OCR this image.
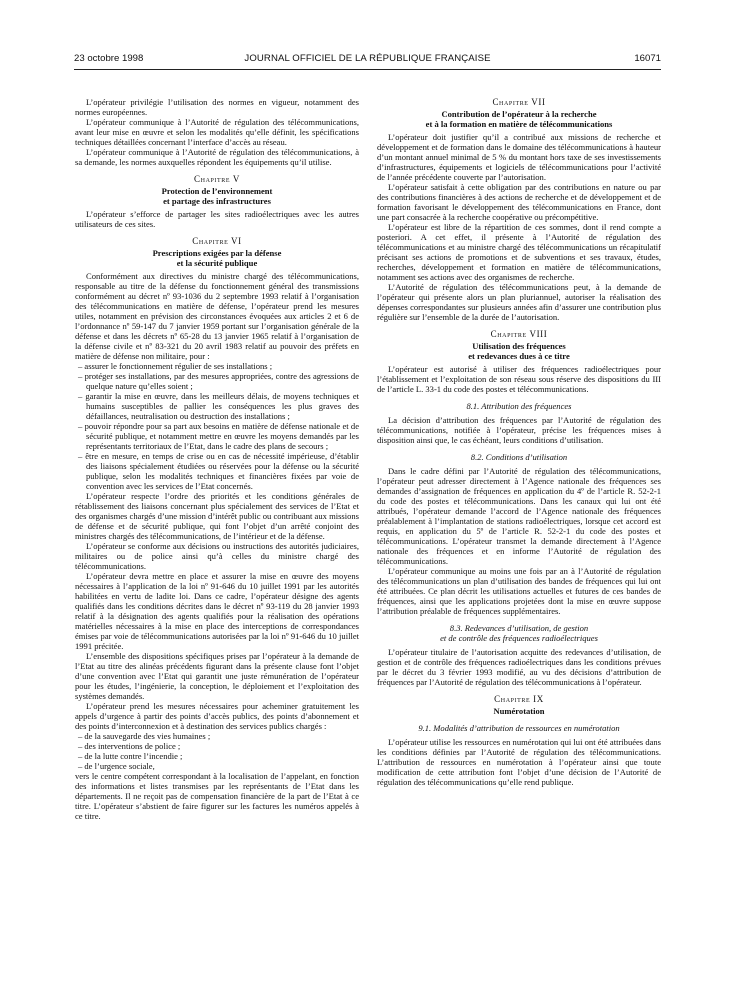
23 octobre 1998	JOURNAL OFFICIEL DE LA RÉPUBLIQUE FRANÇAISE	16071

L’opérateur privilégie l’utilisation des normes en vigueur, notamment des normes européennes.

L’opérateur communique à l’Autorité de régulation des télécommunications, avant leur mise en œuvre et selon les modalités qu’elle définit, les spécifications techniques détaillées concernant l’interface d’accès au réseau.

L’opérateur communique à l’Autorité de régulation des télécommunications, à sa demande, les normes auxquelles répondent les équipements qu’il utilise.

Chapitre V
Protection de l’environnement
et partage des infrastructures

L’opérateur s’efforce de partager les sites radioélectriques avec les autres utilisateurs de ces sites.

Chapitre VI
Prescriptions exigées par la défense
et la sécurité publique

Conformément aux directives du ministre chargé des télécommunications, responsable au titre de la défense du fonctionnement général des transmissions conformément au décret nº 93-1036 du 2 septembre 1993 relatif à l’organisation des télécommunications en matière de défense, l’opérateur prend les mesures utiles, notamment en prévision des circonstances évoquées aux articles 2 et 6 de l’ordonnance nº 59-147 du 7 janvier 1959 portant sur l’organisation générale de la défense et dans les décrets nº 65-28 du 13 janvier 1965 relatif à l’organisation de la défense civile et nº 83-321 du 20 avril 1983 relatif au pouvoir des préfets en matière de défense non militaire, pour :

– assurer le fonctionnement régulier de ses installations ;
– protéger ses installations, par des mesures appropriées, contre des agressions de quelque nature qu’elles soient ;
– garantir la mise en œuvre, dans les meilleurs délais, de moyens techniques et humains susceptibles de pallier les conséquences les plus graves des défaillances, neutralisation ou destruction des installations ;
– pouvoir répondre pour sa part aux besoins en matière de défense nationale et de sécurité publique, et notamment mettre en œuvre les moyens demandés par les représentants territoriaux de l’Etat, dans le cadre des plans de secours ;
– être en mesure, en temps de crise ou en cas de nécessité impérieuse, d’établir des liaisons spécialement étudiées ou réservées pour la défense ou la sécurité publique, selon les modalités techniques et financières fixées par voie de convention avec les services de l’Etat concernés.

L’opérateur respecte l’ordre des priorités et les conditions générales de rétablissement des liaisons concernant plus spécialement des services de l’Etat et des organismes chargés d’une mission d’intérêt public ou contribuant aux missions de défense et de sécurité publique, qui font l’objet d’un arrêté conjoint des ministres chargés des télécommunications, de l’intérieur et de la défense.

L’opérateur se conforme aux décisions ou instructions des autorités judiciaires, militaires ou de police ainsi qu’à celles du ministre chargé des télécommunications.

L’opérateur devra mettre en place et assurer la mise en œuvre des moyens nécessaires à l’application de la loi nº 91-646 du 10 juillet 1991 par les autorités habilitées en vertu de ladite loi. Dans ce cadre, l’opérateur désigne des agents qualifiés dans les conditions décrites dans le décret nº 93-119 du 28 janvier 1993 relatif à la désignation des agents qualifiés pour la réalisation des opérations matérielles nécessaires à la mise en place des interceptions de correspondances émises par voie de télécommunications autorisées par la loi nº 91-646 du 10 juillet 1991 précitée.

L’ensemble des dispositions spécifiques prises par l’opérateur à la demande de l’Etat au titre des alinéas précédents figurant dans la présente clause font l’objet d’une convention avec l’Etat qui garantit une juste rémunération de l’opérateur pour les études, l’ingénierie, la conception, le déploiement et l’exploitation des systèmes demandés.

L’opérateur prend les mesures nécessaires pour acheminer gratuitement les appels d’urgence à partir des points d’accès publics, des points d’abonnement et des points d’interconnexion et à destination des services publics chargés :

– de la sauvegarde des vies humaines ;
– des interventions de police ;
– de la lutte contre l’incendie ;
– de l’urgence sociale,

vers le centre compétent correspondant à la localisation de l’appelant, en fonction des informations et listes transmises par les représentants de l’Etat dans les départements. Il ne reçoit pas de compensation financière de la part de l’Etat à ce titre. L’opérateur s’abstient de faire figurer sur les factures les numéros appelés à ce titre.

Chapitre VII
Contribution de l’opérateur à la recherche
et à la formation en matière de télécommunications

L’opérateur doit justifier qu’il a contribué aux missions de recherche et développement et de formation dans le domaine des télécommunications à hauteur d’un montant annuel minimal de 5 % du montant hors taxe de ses investissements d’infrastructures, équipements et logiciels de télécommunications pour l’activité de l’année précédente couverte par l’autorisation.

L’opérateur satisfait à cette obligation par des contributions en nature ou par des contributions financières à des actions de recherche et de développement et de formation favorisant le développement des télécommunications en France, dont une part consacrée à la recherche coopérative ou précompétitive.

L’opérateur est libre de la répartition de ces sommes, dont il rend compte a posteriori. A cet effet, il présente à l’Autorité de régulation des télécommunications et au ministre chargé des télécommunications un récapitulatif précisant ses actions de promotions et de subventions et ses travaux, études, recherches, développement et formation en matière de télécommunications, notamment ses actions avec des organismes de recherche.

L’Autorité de régulation des télécommunications peut, à la demande de l’opérateur qui présente alors un plan pluriannuel, autoriser la réalisation des dépenses correspondantes sur plusieurs années afin d’assurer une contribution plus régulière sur l’ensemble de la durée de l’autorisation.

Chapitre VIII
Utilisation des fréquences
et redevances dues à ce titre

L’opérateur est autorisé à utiliser des fréquences radioélectriques pour l’établissement et l’exploitation de son réseau sous réserve des dispositions du III de l’article L. 33-1 du code des postes et télécommunications.

8.1. Attribution des fréquences

La décision d’attribution des fréquences par l’Autorité de régulation des télécommunications, notifiée à l’opérateur, précise les fréquences mises à disposition ainsi que, le cas échéant, leurs conditions d’utilisation.

8.2. Conditions d’utilisation

Dans le cadre défini par l’Autorité de régulation des télécommunications, l’opérateur peut adresser directement à l’Agence nationale des fréquences ses demandes d’assignation de fréquences en application du 4º de l’article R. 52-2-1 du code des postes et télécommunications. Dans les canaux qui lui ont été attribués, l’opérateur demande l’accord de l’Agence nationale des fréquences préalablement à l’implantation de stations radioélectriques, lorsque cet accord est requis, en application du 5º de l’article R. 52-2-1 du code des postes et télécommunications. L’opérateur transmet la demande directement à l’Agence nationale des fréquences et en informe l’Autorité de régulation des télécommunications.

L’opérateur communique au moins une fois par an à l’Autorité de régulation des télécommunications un plan d’utilisation des bandes de fréquences qui lui ont été attribuées. Ce plan décrit les utilisations actuelles et futures de ces bandes de fréquences, ainsi que les applications projetées dont la mise en œuvre suppose l’attribution préalable de fréquences supplémentaires.

8.3. Redevances d’utilisation, de gestion
et de contrôle des fréquences radioélectriques

L’opérateur titulaire de l’autorisation acquitte des redevances d’utilisation, de gestion et de contrôle des fréquences radioélectriques dans les conditions prévues par le décret du 3 février 1993 modifié, au vu des décisions d’attribution de fréquences par l’Autorité de régulation des télécommunications à l’opérateur.

Chapitre IX
Numérotation
9.1. Modalités d’attribution de ressources en numérotation

L’opérateur utilise les ressources en numérotation qui lui ont été attribuées dans les conditions définies par l’Autorité de régulation des télécommunications. L’attribution de ressources en numérotation à l’opérateur ainsi que toute modification de cette attribution font l’objet d’une décision de l’Autorité de régulation des télécommunications qu’elle rend publique.
